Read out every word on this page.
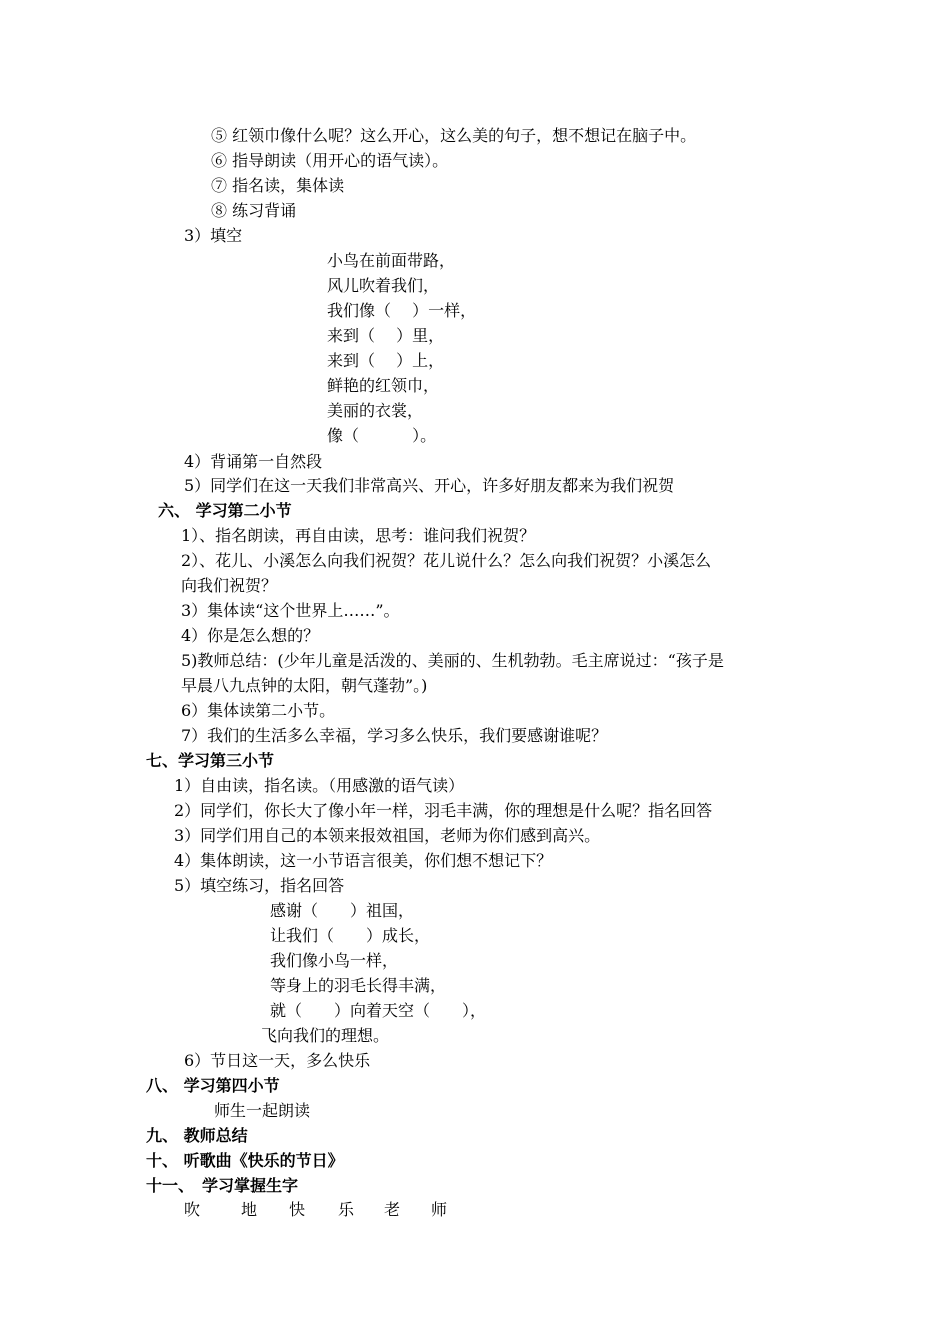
⑤ 红领巾像什么呢？这么开心，这么美的句子，想不想记在脑子中。
⑥ 指导朗读（用开心的语气读）。
⑦ 指名读，集体读
⑧ 练习背诵
3）填空
小鸟在前面带路，
风儿吹着我们，
我们像（　 ）一样，
来到（　 ）里，
来到（　 ）上，
鲜艳的红领巾，
美丽的衣裳，
像（　　　 ）。
4）背诵第一自然段
5）同学们在这一天我们非常高兴、开心，许多好朋友都来为我们祝贺
六、 学习第二小节
1）、指名朗读，再自由读，思考：谁问我们祝贺？
2）、花儿、小溪怎么向我们祝贺？花儿说什么？怎么向我们祝贺？小溪怎么
向我们祝贺？
3）集体读“这个世界上……”。
4）你是怎么想的？
5)教师总结：(少年儿童是活泼的、美丽的、生机勃勃。毛主席说过：“孩子是
早晨八九点钟的太阳，朝气蓬勃”。)
6）集体读第二小节。
7）我们的生活多么幸福，学习多么快乐，我们要感谢谁呢？
七、学习第三小节
1）自由读，指名读。（用感激的语气读）
2）同学们，你长大了像小年一样，羽毛丰满，你的理想是什么呢？指名回答
3）同学们用自己的本领来报效祖国，老师为你们感到高兴。
4）集体朗读，这一小节语言很美，你们想不想记下？
5）填空练习，指名回答
感谢（　　）祖国，
让我们（　　）成长，
我们像小鸟一样，
等身上的羽毛长得丰满，
就（　　）向着天空（　　），
飞向我们的理想。
6）节日这一天，多么快乐
八、 学习第四小节
师生一起朗读
九、 教师总结
十、 听歌曲《快乐的节日》
十一、　学习掌握生字
吹	地 快 乐 老 师
